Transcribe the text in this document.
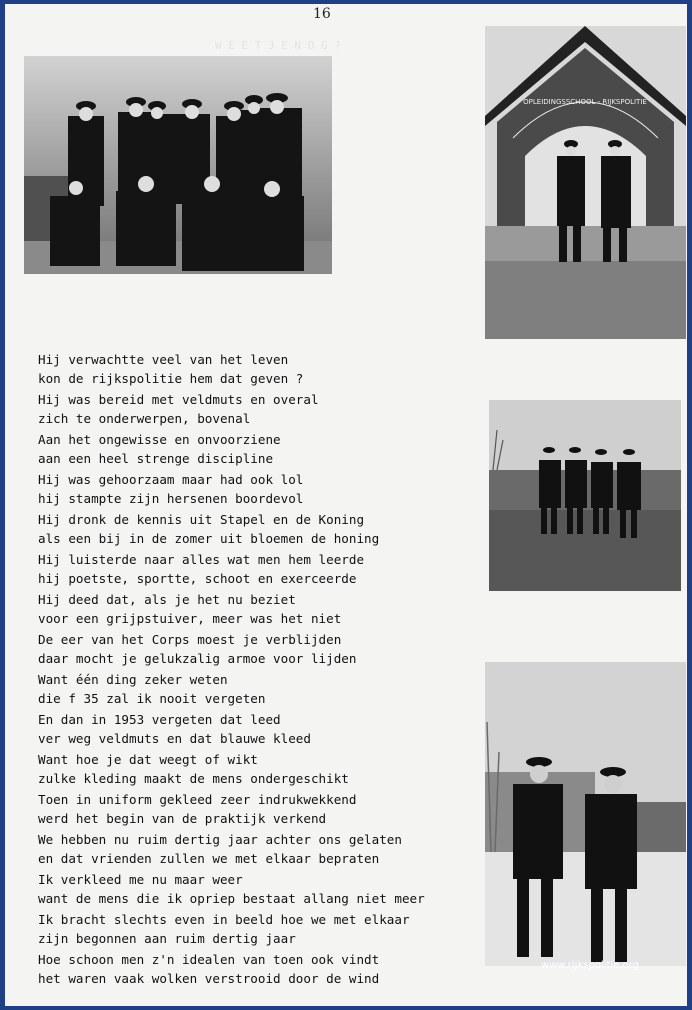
16
W E E T J E N O G ?
OPLEIDINGSSCHOOL - RIJKSPOLITIE
Hij verwachtte veel van het leven
kon de rijkspolitie hem dat geven ?
Hij was bereid met veldmuts en overal
zich te onderwerpen, bovenal
Aan het ongewisse en onvoorziene
aan een heel strenge discipline
Hij was gehoorzaam maar had ook lol
hij stampte zijn hersenen boordevol
Hij dronk de kennis uit Stapel en de Koning
als een bij in de zomer uit bloemen de honing
Hij luisterde naar alles wat men hem leerde
hij poetste, sportte, schoot en exerceerde
Hij deed dat, als je het nu beziet
voor een grijpstuiver, meer was het niet
De eer van het Corps moest je verblijden
daar mocht je gelukzalig armoe voor lijden
Want één ding zeker weten
die f 35 zal ik nooit vergeten
En dan in 1953 vergeten dat leed
ver weg veldmuts en dat blauwe kleed
Want hoe je dat weegt of wikt
zulke kleding maakt de mens ondergeschikt
Toen in uniform gekleed zeer indrukwekkend
werd het begin van de praktijk verkend
We hebben nu ruim dertig jaar achter ons gelaten
en dat vrienden zullen we met elkaar bepraten
Ik verkleed me nu maar weer
want de mens die ik opriep bestaat allang niet meer
Ik bracht slechts even in beeld hoe we met elkaar
zijn begonnen aan ruim dertig jaar
Hoe schoon men z'n idealen van toen ook vindt
het waren vaak wolken verstrooid door de wind
www.rijkspolitie.org
